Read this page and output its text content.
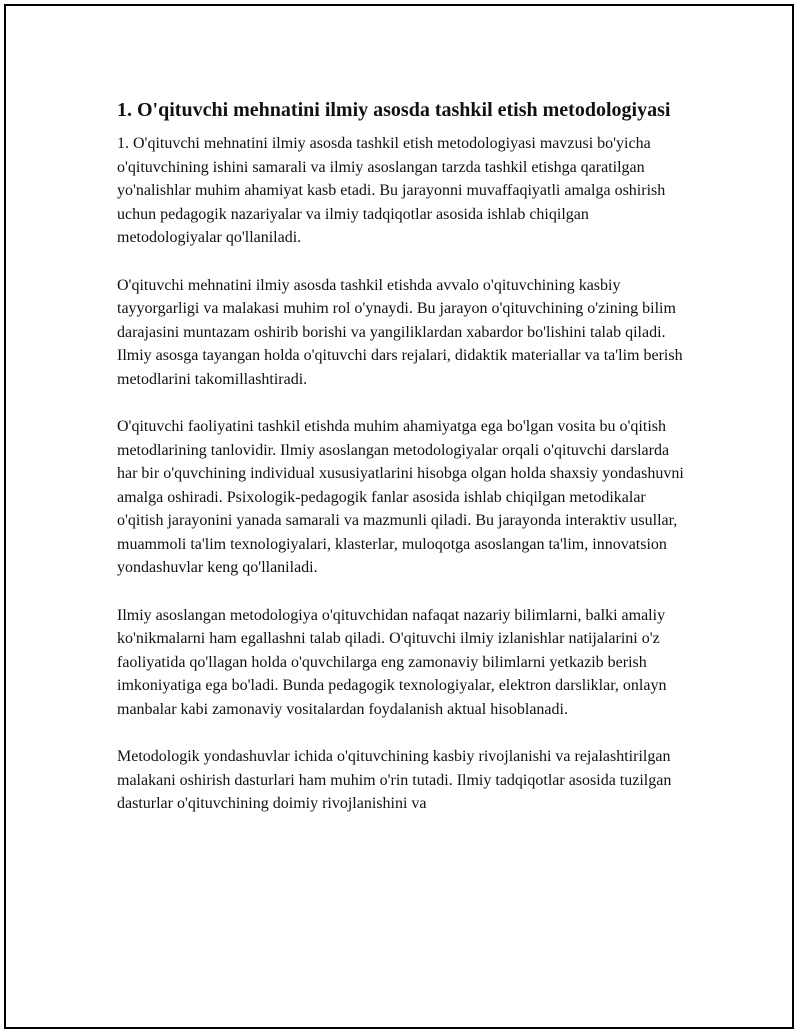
1. O'qituvchi mehnatini ilmiy asosda tashkil etish metodologiyasi

1. O'qituvchi mehnatini ilmiy asosda tashkil etish metodologiyasi mavzusi bo'yicha o'qituvchining ishini samarali va ilmiy asoslangan tarzda tashkil etishga qaratilgan yo'nalishlar muhim ahamiyat kasb etadi. Bu jarayonni muvaffaqiyatli amalga oshirish uchun pedagogik nazariyalar va ilmiy tadqiqotlar asosida ishlab chiqilgan metodologiyalar qo'llaniladi.

O'qituvchi mehnatini ilmiy asosda tashkil etishda avvalo o'qituvchining kasbiy tayyorgarligi va malakasi muhim rol o'ynaydi. Bu jarayon o'qituvchining o'zining bilim darajasini muntazam oshirib borishi va yangiliklardan xabardor bo'lishini talab qiladi. Ilmiy asosga tayangan holda o'qituvchi dars rejalari, didaktik materiallar va ta'lim berish metodlarini takomillashtiradi.

O'qituvchi faoliyatini tashkil etishda muhim ahamiyatga ega bo'lgan vosita bu o'qitish metodlarining tanlovidir. Ilmiy asoslangan metodologiyalar orqali o'qituvchi darslarda har bir o'quvchining individual xususiyatlarini hisobga olgan holda shaxsiy yondashuvni amalga oshiradi. Psixologik-pedagogik fanlar asosida ishlab chiqilgan metodikalar o'qitish jarayonini yanada samarali va mazmunli qiladi. Bu jarayonda interaktiv usullar, muammoli ta'lim texnologiyalari, klasterlar, muloqotga asoslangan ta'lim, innovatsion yondashuvlar keng qo'llaniladi.

Ilmiy asoslangan metodologiya o'qituvchidan nafaqat nazariy bilimlarni, balki amaliy ko'nikmalarni ham egallashni talab qiladi. O'qituvchi ilmiy izlanishlar natijalarini o'z faoliyatida qo'llagan holda o'quvchilarga eng zamonaviy bilimlarni yetkazib berish imkoniyatiga ega bo'ladi. Bunda pedagogik texnologiyalar, elektron darsliklar, onlayn manbalar kabi zamonaviy vositalardan foydalanish aktual hisoblanadi.

Metodologik yondashuvlar ichida o'qituvchining kasbiy rivojlanishi va rejalashtirilgan malakani oshirish dasturlari ham muhim o'rin tutadi. Ilmiy tadqiqotlar asosida tuzilgan dasturlar o'qituvchining doimiy rivojlanishini va
